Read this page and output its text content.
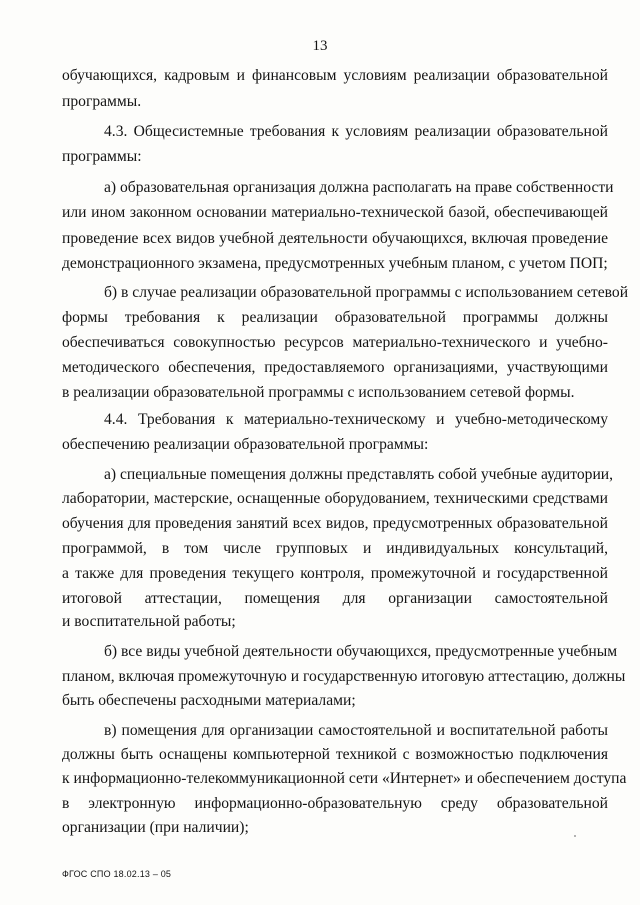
13
обучающихся, кадровым и финансовым условиям реализации образовательной
программы.
4.3. Общесистемные требования к условиям реализации образовательной
программы:
а) образовательная организация должна располагать на праве собственности
или ином законном основании материально-технической базой, обеспечивающей
проведение всех видов учебной деятельности обучающихся, включая проведение
демонстрационного экзамена, предусмотренных учебным планом, с учетом ПОП;
б) в случае реализации образовательной программы с использованием сетевой
формы требования к реализации образовательной программы должны
обеспечиваться совокупностью ресурсов материально-технического и учебно-
методического обеспечения, предоставляемого организациями, участвующими
в реализации образовательной программы с использованием сетевой формы.
4.4. Требования к материально-техническому и учебно-методическому
обеспечению реализации образовательной программы:
а) специальные помещения должны представлять собой учебные аудитории,
лаборатории, мастерские, оснащенные оборудованием, техническими средствами
обучения для проведения занятий всех видов, предусмотренных образовательной
программой, в том числе групповых и индивидуальных консультаций,
а также для проведения текущего контроля, промежуточной и государственной
итоговой аттестации, помещения для организации самостоятельной
и воспитательной работы;
б) все виды учебной деятельности обучающихся, предусмотренные учебным
планом, включая промежуточную и государственную итоговую аттестацию, должны
быть обеспечены расходными материалами;
в) помещения для организации самостоятельной и воспитательной работы
должны быть оснащены компьютерной техникой с возможностью подключения
к информационно-телекоммуникационной сети «Интернет» и обеспечением доступа
в электронную информационно-образовательную среду образовательной
организации (при наличии);
ФГОС СПО 18.02.13 – 05
